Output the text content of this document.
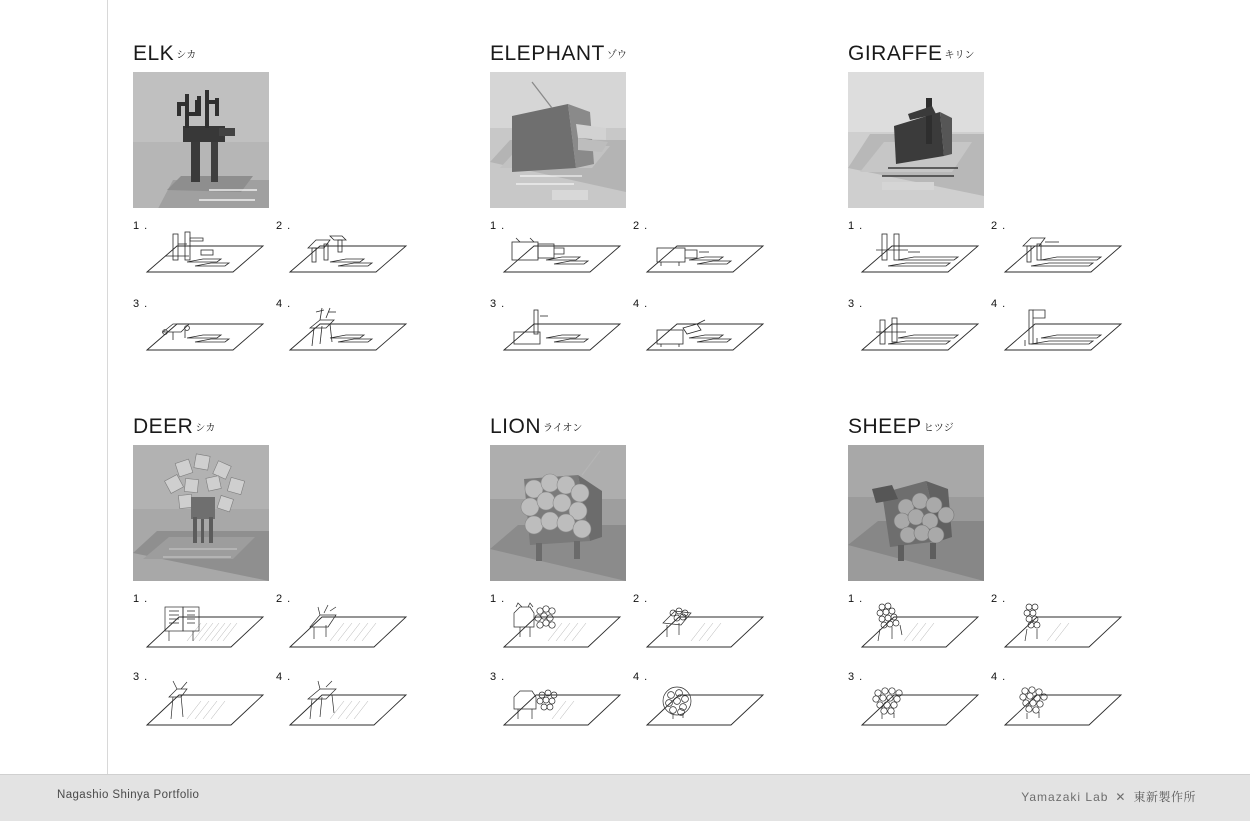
ELK シカ
1 .	2 .
3 .	4 .
ELEPHANT ゾウ
1 .	2 .
3 .	4 .
GIRAFFE キリン
1 .	2 .
3 .	4 .
DEER シカ
1 .	2 .
3 .	4 .
LION ライオン
1 .	2 .
3 .	4 .
SHEEP ヒツジ
1 .	2 .
3 .	4 .
Nagashio Shinya Portfolio	Yamazaki Lab ✕ 東新製作所
